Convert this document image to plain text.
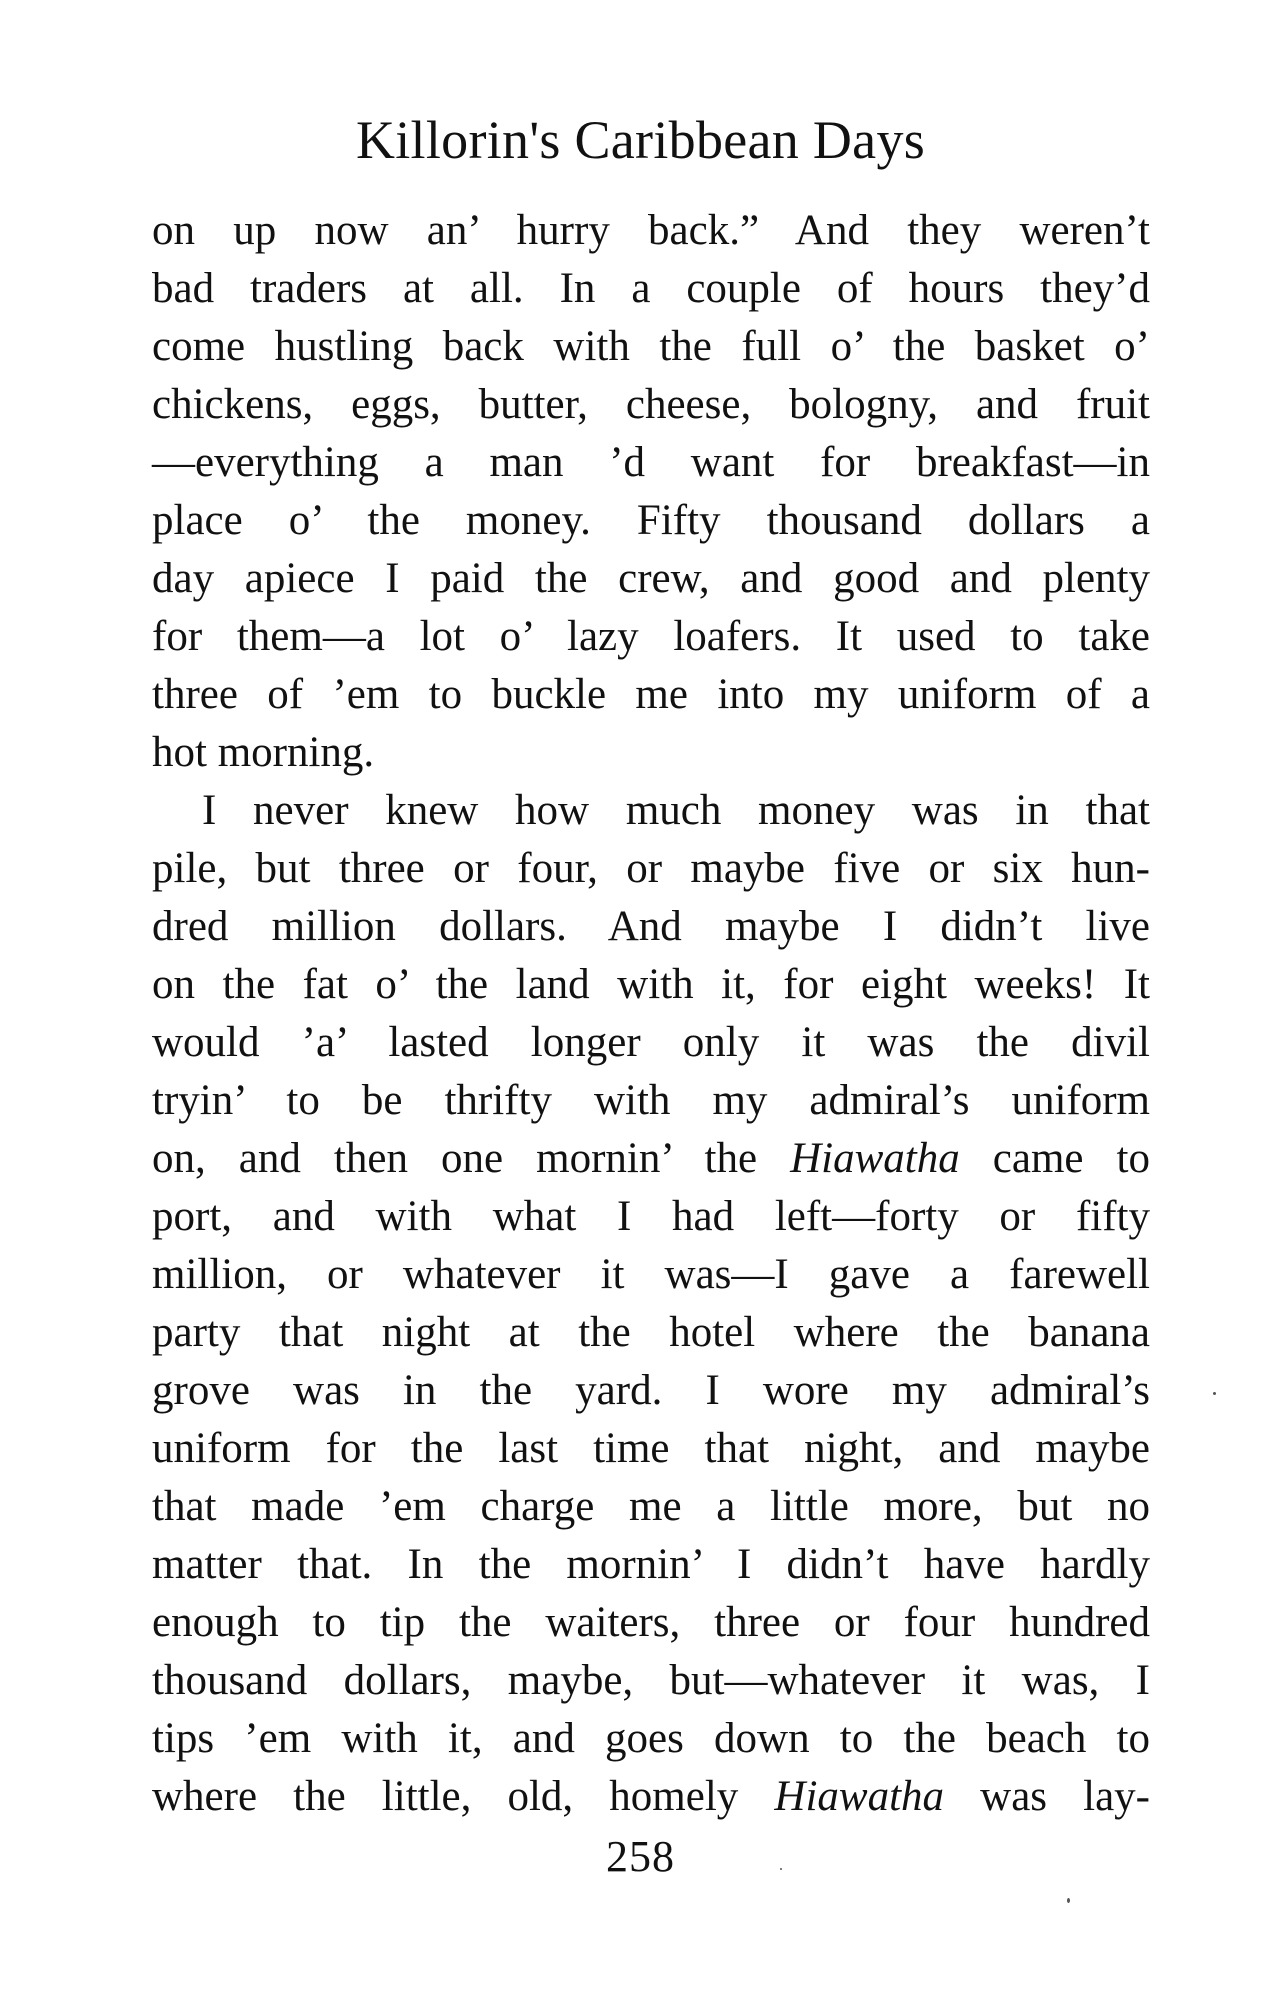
Killorin's Caribbean Days
on up now an’ hurry back.” And they weren’t
bad traders at all. In a couple of hours they’d
come hustling back with the full o’ the basket o’
chickens, eggs, butter, cheese, bologny, and fruit
—everything a man ’d want for breakfast—in
place o’ the money. Fifty thousand dollars a
day apiece I paid the crew, and good and plenty
for them—a lot o’ lazy loafers. It used to take
three of ’em to buckle me into my uniform of a
hot morning.
I never knew how much money was in that
pile, but three or four, or maybe five or six hun-
dred million dollars. And maybe I didn’t live
on the fat o’ the land with it, for eight weeks! It
would ’a’ lasted longer only it was the divil
tryin’ to be thrifty with my admiral’s uniform
on, and then one mornin’ the Hiawatha came to
port, and with what I had left—forty or fifty
million, or whatever it was—I gave a farewell
party that night at the hotel where the banana
grove was in the yard. I wore my admiral’s
uniform for the last time that night, and maybe
that made ’em charge me a little more, but no
matter that. In the mornin’ I didn’t have hardly
enough to tip the waiters, three or four hundred
thousand dollars, maybe, but—whatever it was, I
tips ’em with it, and goes down to the beach to
where the little, old, homely Hiawatha was lay-
258
